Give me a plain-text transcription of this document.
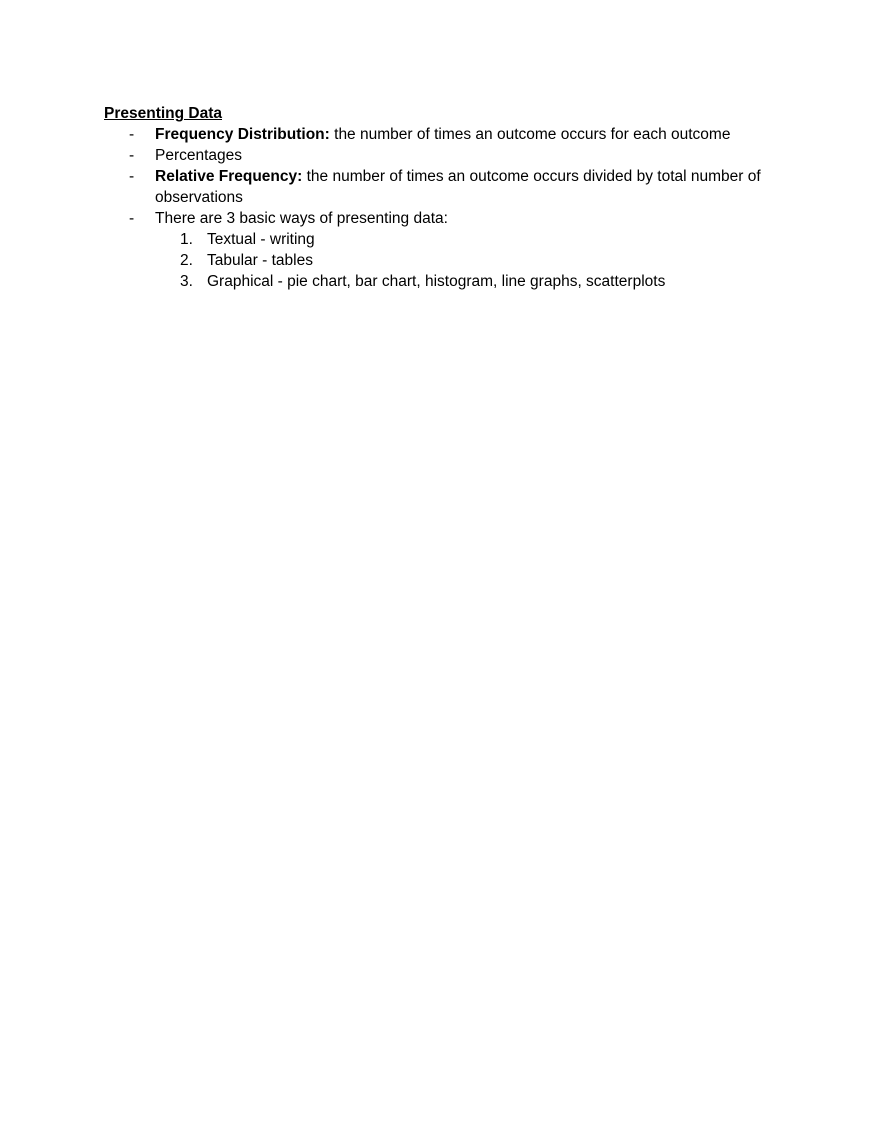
Presenting Data

- Frequency Distribution: the number of times an outcome occurs for each outcome
- Percentages
- Relative Frequency: the number of times an outcome occurs divided by total number of observations
- There are 3 basic ways of presenting data:
1. Textual - writing
2. Tabular - tables
3. Graphical - pie chart, bar chart, histogram, line graphs, scatterplots
